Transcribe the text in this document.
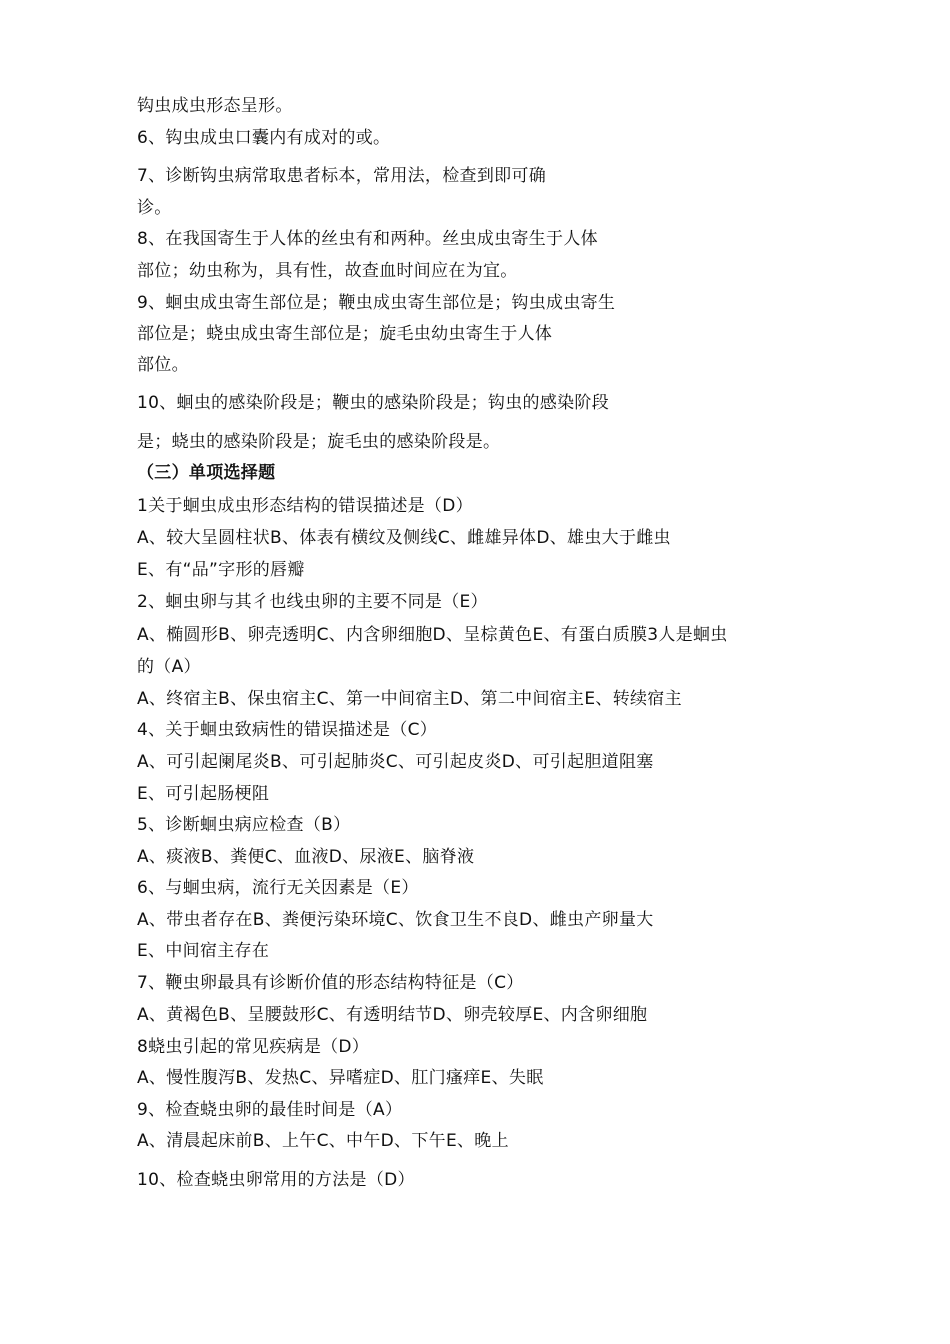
钩虫成虫形态呈形。
6、钩虫成虫口囊内有成对的或。
7、诊断钩虫病常取患者标本，常用法，检查到即可确
诊。
8、在我国寄生于人体的丝虫有和两种。丝虫成虫寄生于人体
部位；幼虫称为，具有性，故查血时间应在为宜。
9、蛔虫成虫寄生部位是；鞭虫成虫寄生部位是；钩虫成虫寄生
部位是；蛲虫成虫寄生部位是；旋毛虫幼虫寄生于人体
部位。
10、蛔虫的感染阶段是；鞭虫的感染阶段是；钩虫的感染阶段
是；蛲虫的感染阶段是；旋毛虫的感染阶段是。
（三）单项选择题
1关于蛔虫成虫形态结构的错误描述是（D）
A、较大呈圆柱状B、体表有横纹及侧线C、雌雄异体D、雄虫大于雌虫
E、有“品”字形的唇瓣
2、蛔虫卵与其彳也线虫卵的主要不同是（E）
A、椭圆形B、卵壳透明C、内含卵细胞D、呈棕黄色E、有蛋白质膜3人是蛔虫
的（A）
A、终宿主B、保虫宿主C、第一中间宿主D、第二中间宿主E、转续宿主
4、关于蛔虫致病性的错误描述是（C）
A、可引起阑尾炎B、可引起肺炎C、可引起皮炎D、可引起胆道阻塞
E、可引起肠梗阻
5、诊断蛔虫病应检查（B）
A、痰液B、粪便C、血液D、尿液E、脑脊液
6、与蛔虫病，流行无关因素是（E）
A、带虫者存在B、粪便污染环境C、饮食卫生不良D、雌虫产卵量大
E、中间宿主存在
7、鞭虫卵最具有诊断价值的形态结构特征是（C）
A、黄褐色B、呈腰鼓形C、有透明结节D、卵壳较厚E、内含卵细胞
8蛲虫引起的常见疾病是（D）
A、慢性腹泻B、发热C、异嗜症D、肛门瘙痒E、失眠
9、检查蛲虫卵的最佳时间是（A）
A、清晨起床前B、上午C、中午D、下午E、晚上
10、检查蛲虫卵常用的方法是（D）
